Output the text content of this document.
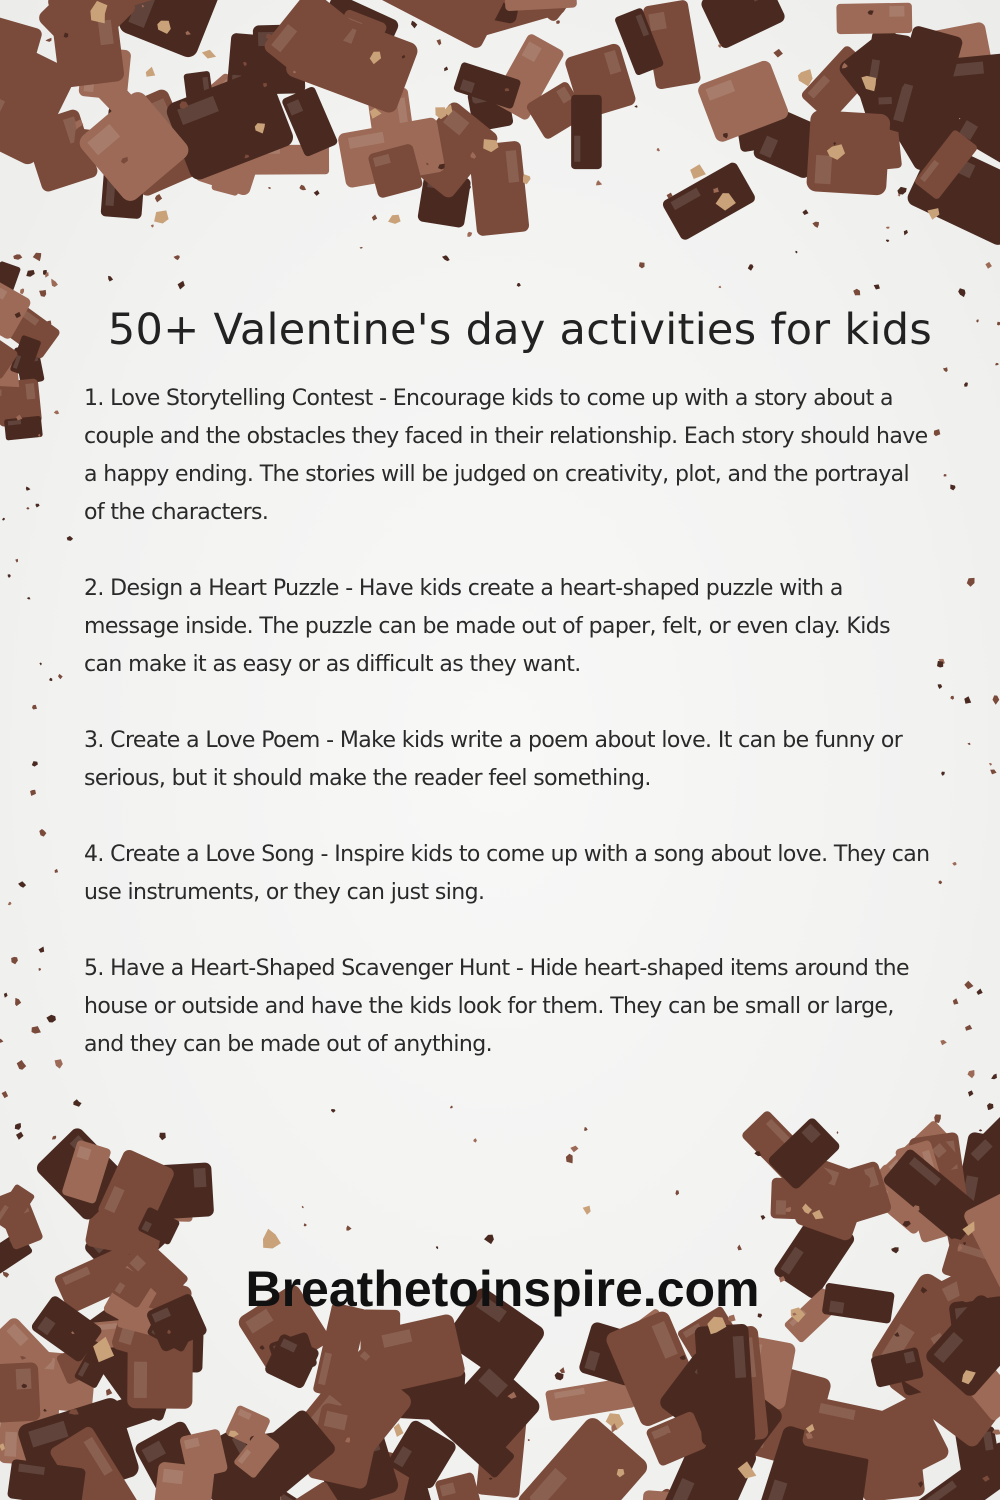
50+ Valentine's day activities for kids

1. Love Storytelling Contest - Encourage kids to come up with a story about a couple and the obstacles they faced in their relationship. Each story should have a happy ending. The stories will be judged on creativity, plot, and the portrayal of the characters.

2. Design a Heart Puzzle - Have kids create a heart-shaped puzzle with a message inside. The puzzle can be made out of paper, felt, or even clay. Kids can make it as easy or as difficult as they want.

3. Create a Love Poem - Make kids write a poem about love. It can be funny or serious, but it should make the reader feel something.

4. Create a Love Song - Inspire kids to come up with a song about love. They can use instruments, or they can just sing.

5. Have a Heart-Shaped Scavenger Hunt - Hide heart-shaped items around the house or outside and have the kids look for them. They can be small or large, and they can be made out of anything.

Breathetoinspire.com
